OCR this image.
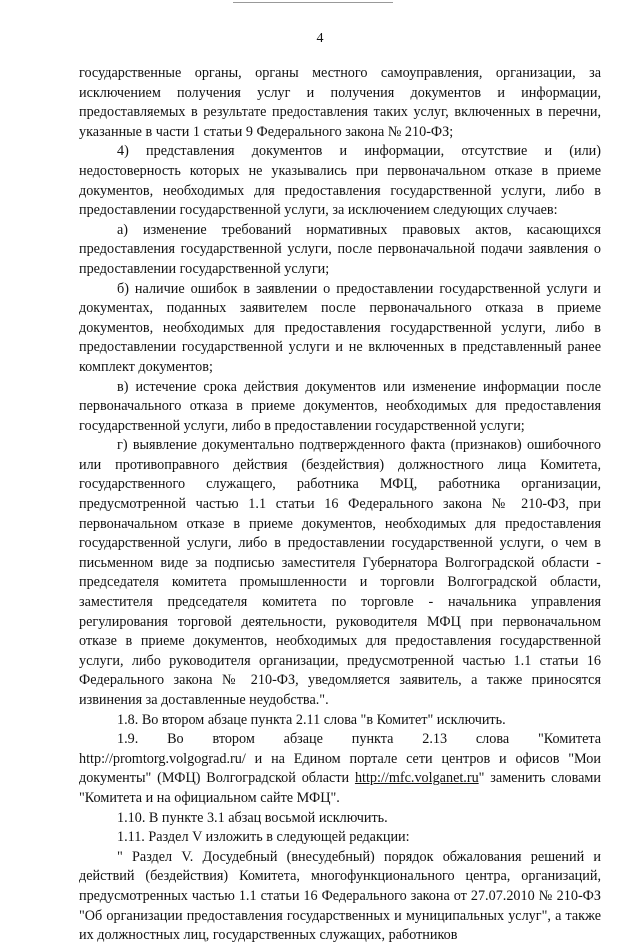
4

государственные органы, органы местного самоуправления, организации, за исключением получения услуг и получения документов и информации, предоставляемых в результате предоставления таких услуг, включенных в перечни, указанные в части 1 статьи 9 Федерального закона № 210-ФЗ;

4) представления документов и информации, отсутствие и (или) недостоверность которых не указывались при первоначальном отказе в приеме документов, необходимых для предоставления государственной услуги, либо в предоставлении государственной услуги, за исключением следующих случаев:

а) изменение требований нормативных правовых актов, касающихся предоставления государственной услуги, после первоначальной подачи заявления о предоставлении государственной услуги;

б) наличие ошибок в заявлении о предоставлении государственной услуги и документах, поданных заявителем после первоначального отказа в приеме документов, необходимых для предоставления государственной услуги, либо в предоставлении государственной услуги и не включенных в представленный ранее комплект документов;

в) истечение срока действия документов или изменение информации после первоначального отказа в приеме документов, необходимых для предоставления государственной услуги, либо в предоставлении государственной услуги;

г) выявление документально подтвержденного факта (признаков) ошибочного или противоправного действия (бездействия) должностного лица Комитета, государственного служащего, работника МФЦ, работника организации, предусмотренной частью 1.1 статьи 16 Федерального закона № 210-ФЗ, при первоначальном отказе в приеме документов, необходимых для предоставления государственной услуги, либо в предоставлении государственной услуги, о чем в письменном виде за подписью заместителя Губернатора Волгоградской области - председателя комитета промышленности и торговли Волгоградской области, заместителя председателя комитета по торговле - начальника управления регулирования торговой деятельности, руководителя МФЦ при первоначальном отказе в приеме документов, необходимых для предоставления государственной услуги, либо руководителя организации, предусмотренной частью 1.1 статьи 16 Федерального закона № 210-ФЗ, уведомляется заявитель, а также приносятся извинения за доставленные неудобства.".

1.8. Во втором абзаце пункта 2.11 слова "в Комитет" исключить.

1.9. Во втором абзаце пункта 2.13 слова "Комитета

http://promtorg.volgograd.ru/ и на Едином портале сети центров и офисов "Мои документы" (МФЦ) Волгоградской области http://mfc.volganet.ru" заменить словами "Комитета и на официальном сайте МФЦ".

1.10. В пункте 3.1 абзац восьмой исключить.

1.11. Раздел V изложить в следующей редакции:

" Раздел V. Досудебный (внесудебный) порядок обжалования решений и действий (бездействия) Комитета, многофункционального центра, организаций, предусмотренных частью 1.1 статьи 16 Федерального закона от 27.07.2010 № 210-ФЗ "Об организации предоставления государственных и муниципальных услуг", а также их должностных лиц, государственных служащих, работников
